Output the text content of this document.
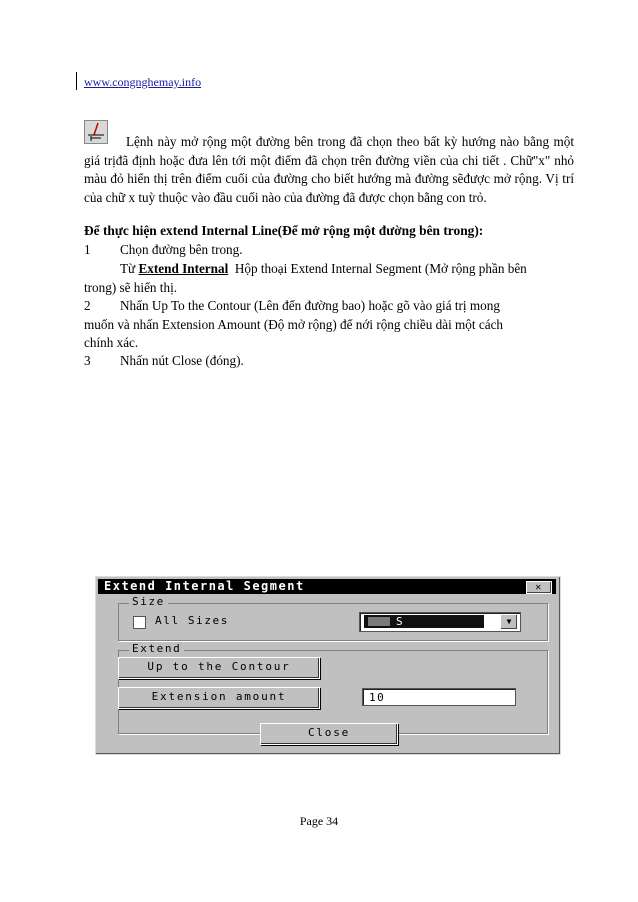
www.congnghemay.info
Lệnh này mở rộng một đường bên trong đã chọn theo bất kỳ hướng nào bằng một giá trịđã định hoặc đưa lên tới một điểm đã chọn trên đường viền của chi tiết . Chữ"x" nhỏ màu đỏ hiển thị trên điểm cuối của đường cho biết hướng mà đường sẽđược mở rộng. Vị trí của chữ x tuỳ thuộc vào đầu cuối nào của đường đã được chọn bằng con trỏ.
Để thực hiện extend Internal Line(Để mở rộng một đường bên trong):
1 Chọn đường bên trong.
Từ Extend Internal  Hộp thoại Extend Internal Segment (Mở rộng phần bên
trong) sẽ hiển thị.
2 Nhấn Up To the Contour (Lên đến đường bao) hoặc gõ vào giá trị mong
muốn và nhấn Extension Amount (Độ mở rộng) để nới rộng chiều dài một cách
chính xác.
3 Nhấn nút Close (đóng).
Extend Internal Segment	✕
Size
All Sizes	S	▼
Extend
Up to the Contour
Extension amount	10
Close
Page 34
